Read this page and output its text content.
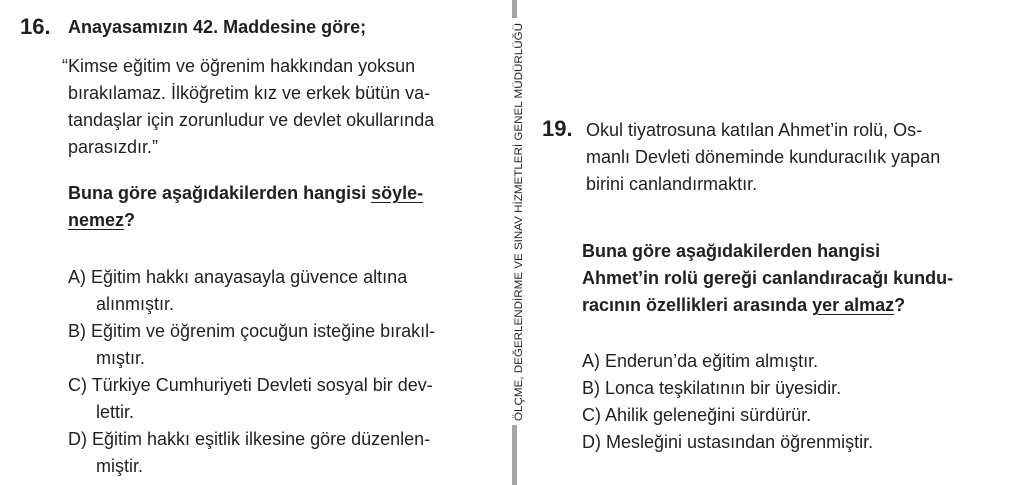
16. Anayasamızın 42. Maddesine göre;
“Kimse eğitim ve öğrenim hakkından yoksun
bırakılamaz. İlköğretim kız ve erkek bütün va-
tandaşlar için zorunludur ve devlet okullarında
parasızdır.”
Buna göre aşağıdakilerden hangisi söyle-
nemez?
A) Eğitim hakkı anayasayla güvence altına
alınmıştır.
B) Eğitim ve öğrenim çocuğun isteğine bırakıl-
mıştır.
C) Türkiye Cumhuriyeti Devleti sosyal bir dev-
lettir.
D) Eğitim hakkı eşitlik ilkesine göre düzenlen-
miştir.
ÖLÇME, DEĞERLENDİRME VE SINAV HİZMETLERİ GENEL MÜDÜRLÜĞÜ 19. Okul tiyatrosuna katılan Ahmet’in rolü, Os-
manlı Devleti döneminde kunduracılık yapan
birini canlandırmaktır.
Buna göre aşağıdakilerden hangisi
Ahmet’in rolü gereği canlandıracağı kundu-
racının özellikleri arasında yer almaz?
A) Enderun’da eğitim almıştır.
B) Lonca teşkilatının bir üyesidir.
C) Ahilik geleneğini sürdürür.
D) Mesleğini ustasından öğrenmiştir.
